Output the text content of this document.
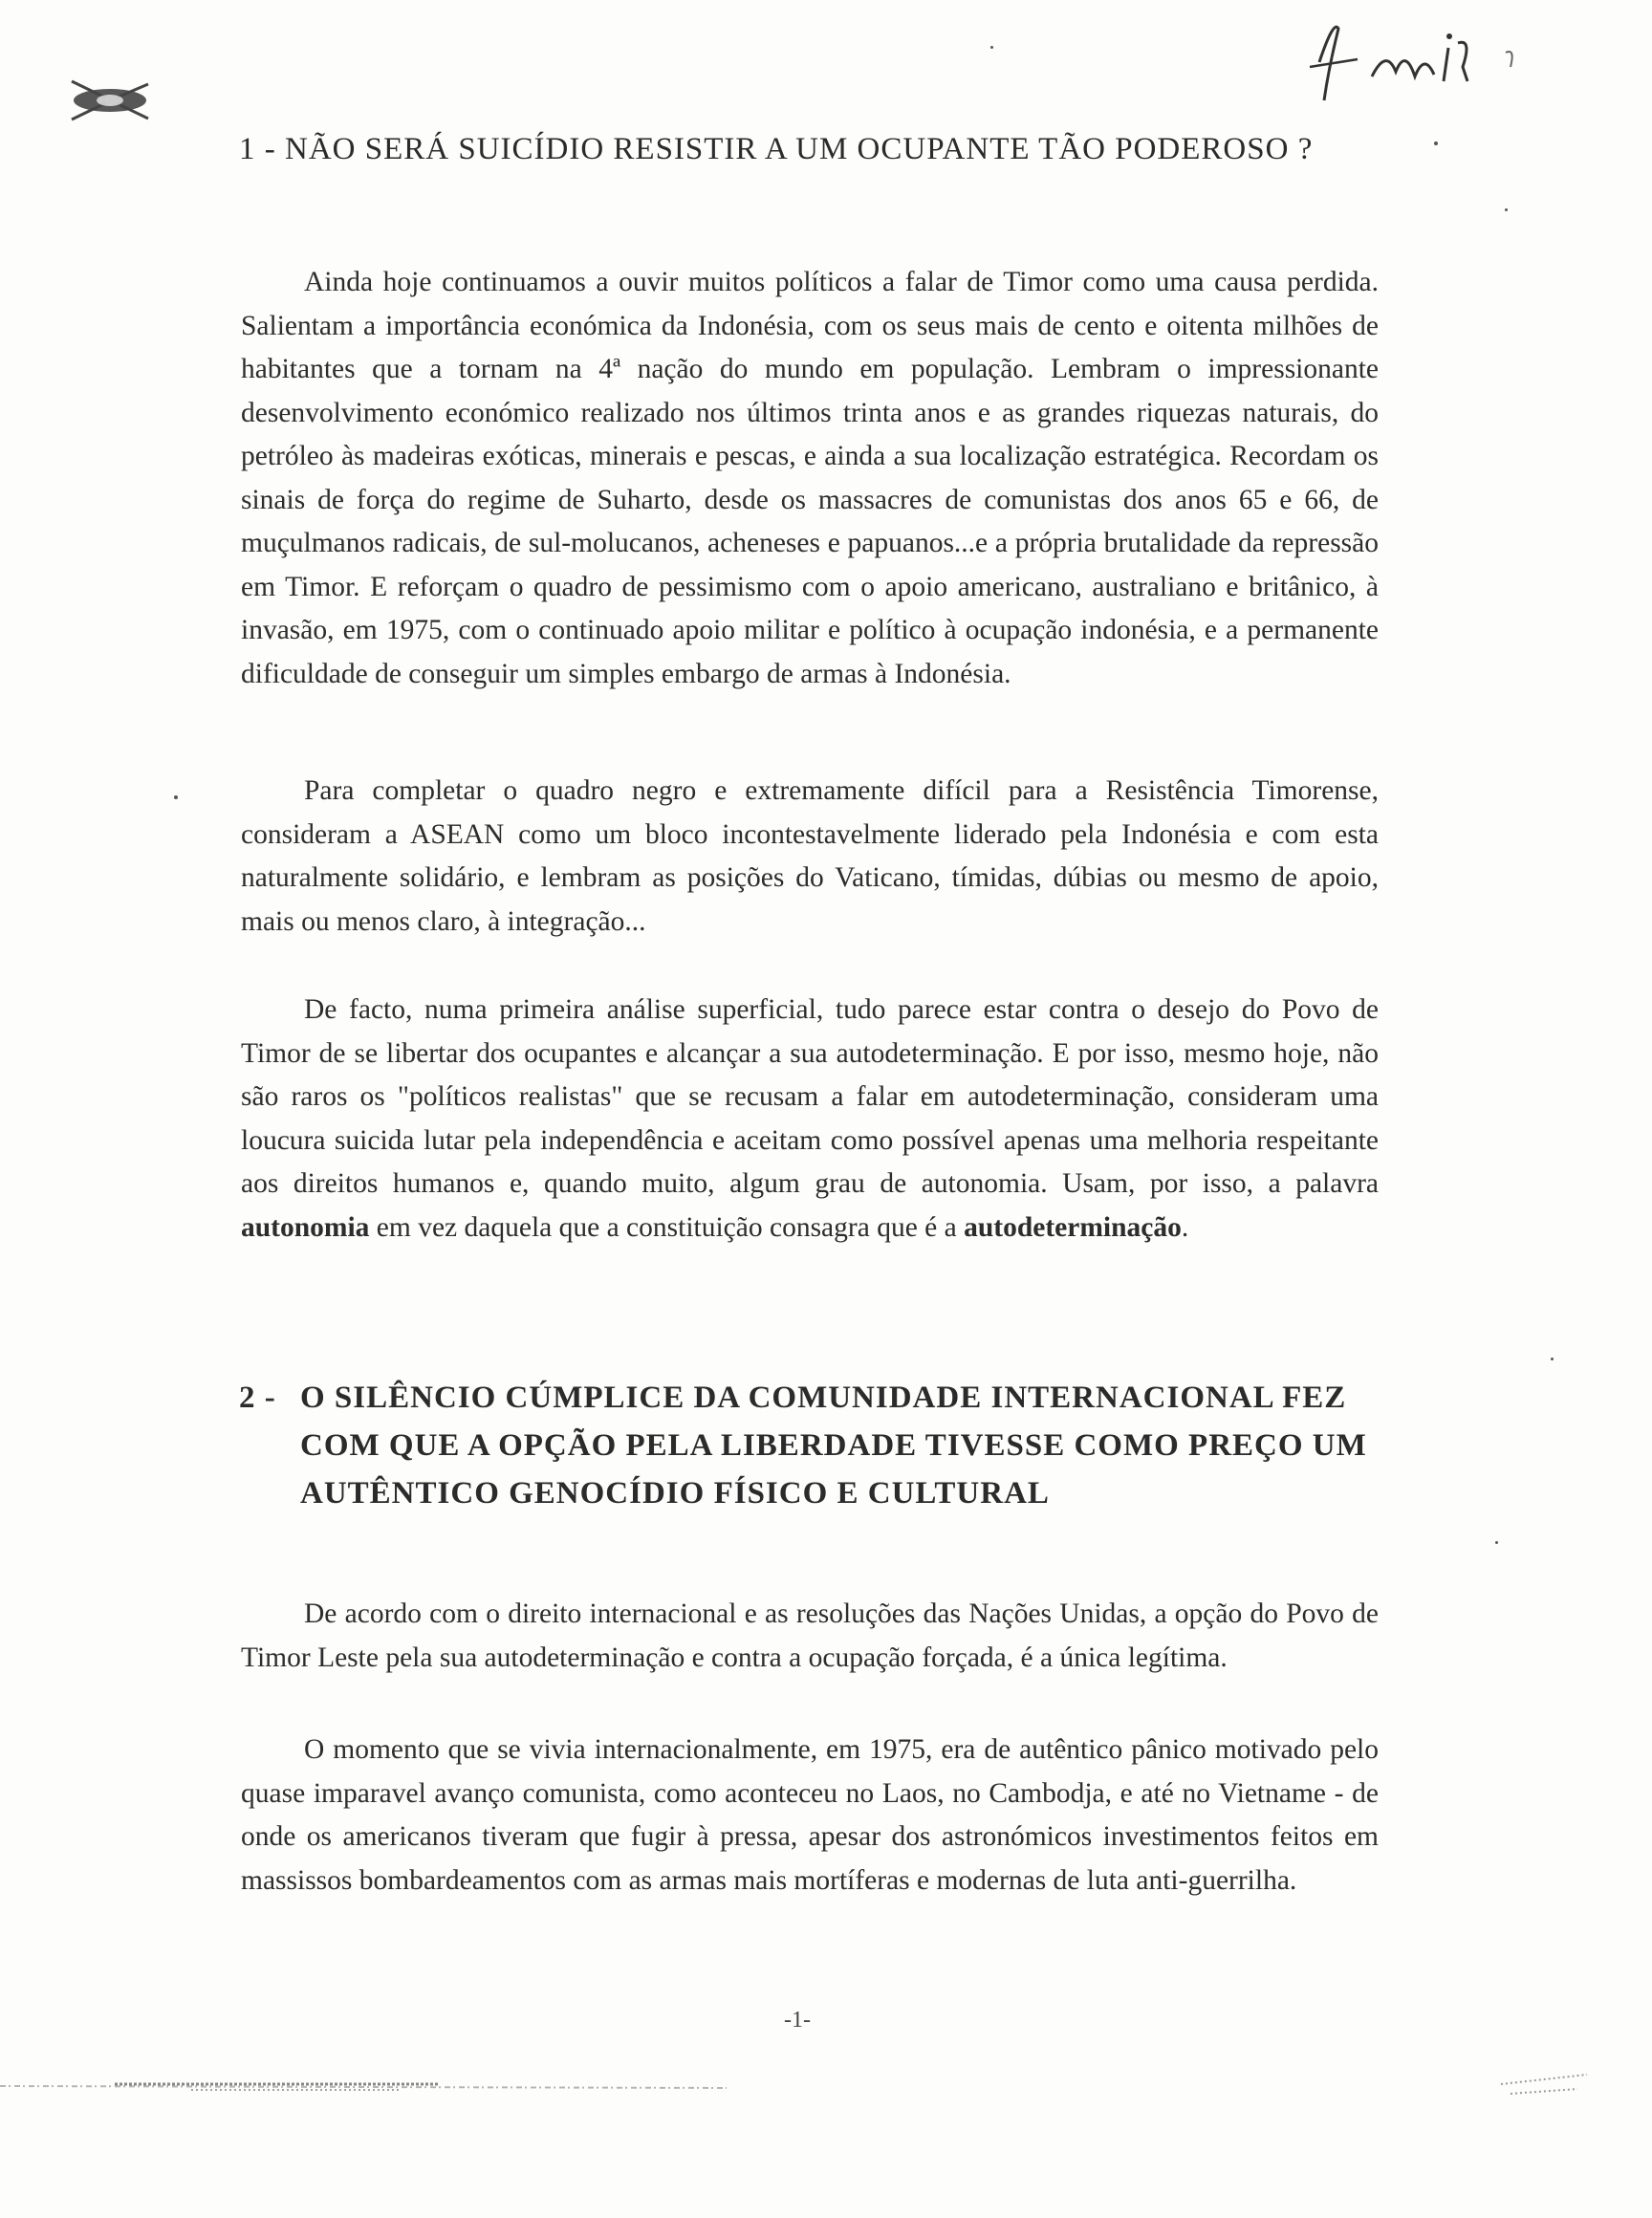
1 - NÃO SERÁ SUICÍDIO RESISTIR A UM OCUPANTE TÃO PODEROSO ?

Ainda hoje continuamos a ouvir muitos políticos a falar de Timor como uma causa perdida. Salientam a importância económica da Indonésia, com os seus mais de cento e oitenta milhões de habitantes que a tornam na 4ª nação do mundo em população. Lembram o impressionante desenvolvimento económico realizado nos últimos trinta anos e as grandes riquezas naturais, do petróleo às madeiras exóticas, minerais e pescas, e ainda a sua localização estratégica. Recordam os sinais de força do regime de Suharto, desde os massacres de comunistas dos anos 65 e 66, de muçulmanos radicais, de sul-molucanos, acheneses e papuanos...e a própria brutalidade da repressão em Timor. E reforçam o quadro de pessimismo com o apoio americano, australiano e britânico, à invasão, em 1975, com o continuado apoio militar e político à ocupação indonésia, e a permanente dificuldade de conseguir um simples embargo de armas à Indonésia.

Para completar o quadro negro e extremamente difícil para a Resistência Timorense, consideram a ASEAN como um bloco incontestavelmente liderado pela Indonésia e com esta naturalmente solidário, e lembram as posições do Vaticano, tímidas, dúbias ou mesmo de apoio, mais ou menos claro, à integração...

De facto, numa primeira análise superficial, tudo parece estar contra o desejo do Povo de Timor de se libertar dos ocupantes e alcançar a sua autodeterminação. E por isso, mesmo hoje, não são raros os "políticos realistas" que se recusam a falar em autodeterminação, consideram uma loucura suicida lutar pela independência e aceitam como possível apenas uma melhoria respeitante aos direitos humanos e, quando muito, algum grau de autonomia. Usam, por isso, a palavra autonomia em vez daquela que a constituição consagra que é a autodeterminação.

2 - O SILÊNCIO CÚMPLICE DA COMUNIDADE INTERNACIONAL FEZ COM QUE A OPÇÃO PELA LIBERDADE TIVESSE COMO PREÇO UM AUTÊNTICO GENOCÍDIO FÍSICO E CULTURAL

De acordo com o direito internacional e as resoluções das Nações Unidas, a opção do Povo de Timor Leste pela sua autodeterminação e contra a ocupação forçada, é a única legítima.

O momento que se vivia internacionalmente, em 1975, era de autêntico pânico motivado pelo quase imparavel avanço comunista, como aconteceu no Laos, no Cambodja, e até no Vietname - de onde os americanos tiveram que fugir à pressa, apesar dos astronómicos investimentos feitos em massissos bombardeamentos com as armas mais mortíferas e modernas de luta anti-guerrilha.

-1-
